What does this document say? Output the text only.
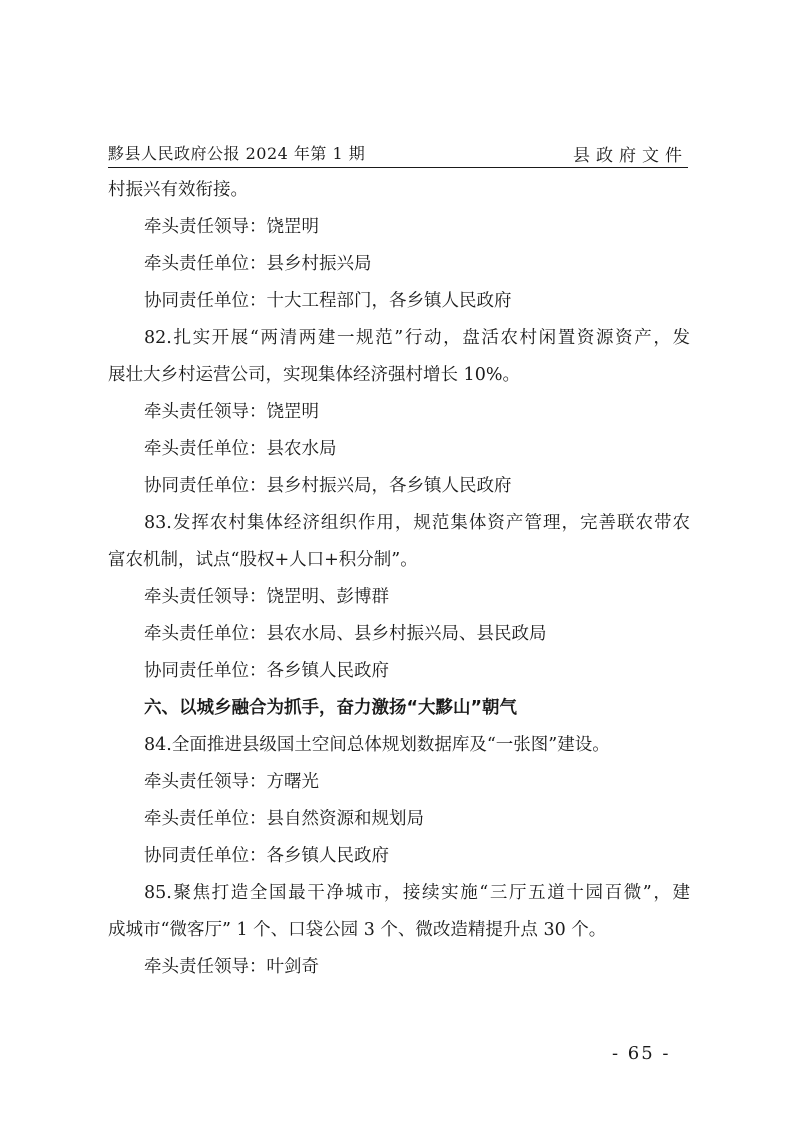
黟县人民政府公报 2024 年第 1 期	县政府文件
村振兴有效衔接。
牵头责任领导：饶罡明
牵头责任单位：县乡村振兴局
协同责任单位：十大工程部门，各乡镇人民政府
82.扎实开展“两清两建一规范”行动，盘活农村闲置资源资产，发
展壮大乡村运营公司，实现集体经济强村增长 10%。
牵头责任领导：饶罡明
牵头责任单位：县农水局
协同责任单位：县乡村振兴局，各乡镇人民政府
83.发挥农村集体经济组织作用，规范集体资产管理，完善联农带农
富农机制，试点“股权+人口+积分制”。
牵头责任领导：饶罡明、彭博群
牵头责任单位：县农水局、县乡村振兴局、县民政局
协同责任单位：各乡镇人民政府
六、以城乡融合为抓手，奋力激扬“大黟山”朝气
84.全面推进县级国土空间总体规划数据库及“一张图”建设。
牵头责任领导：方曙光
牵头责任单位：县自然资源和规划局
协同责任单位：各乡镇人民政府
85.聚焦打造全国最干净城市，接续实施“三厅五道十园百微”，建
成城市“微客厅” 1 个、口袋公园 3 个、微改造精提升点 30 个。
牵头责任领导：叶剑奇
- 65 -
